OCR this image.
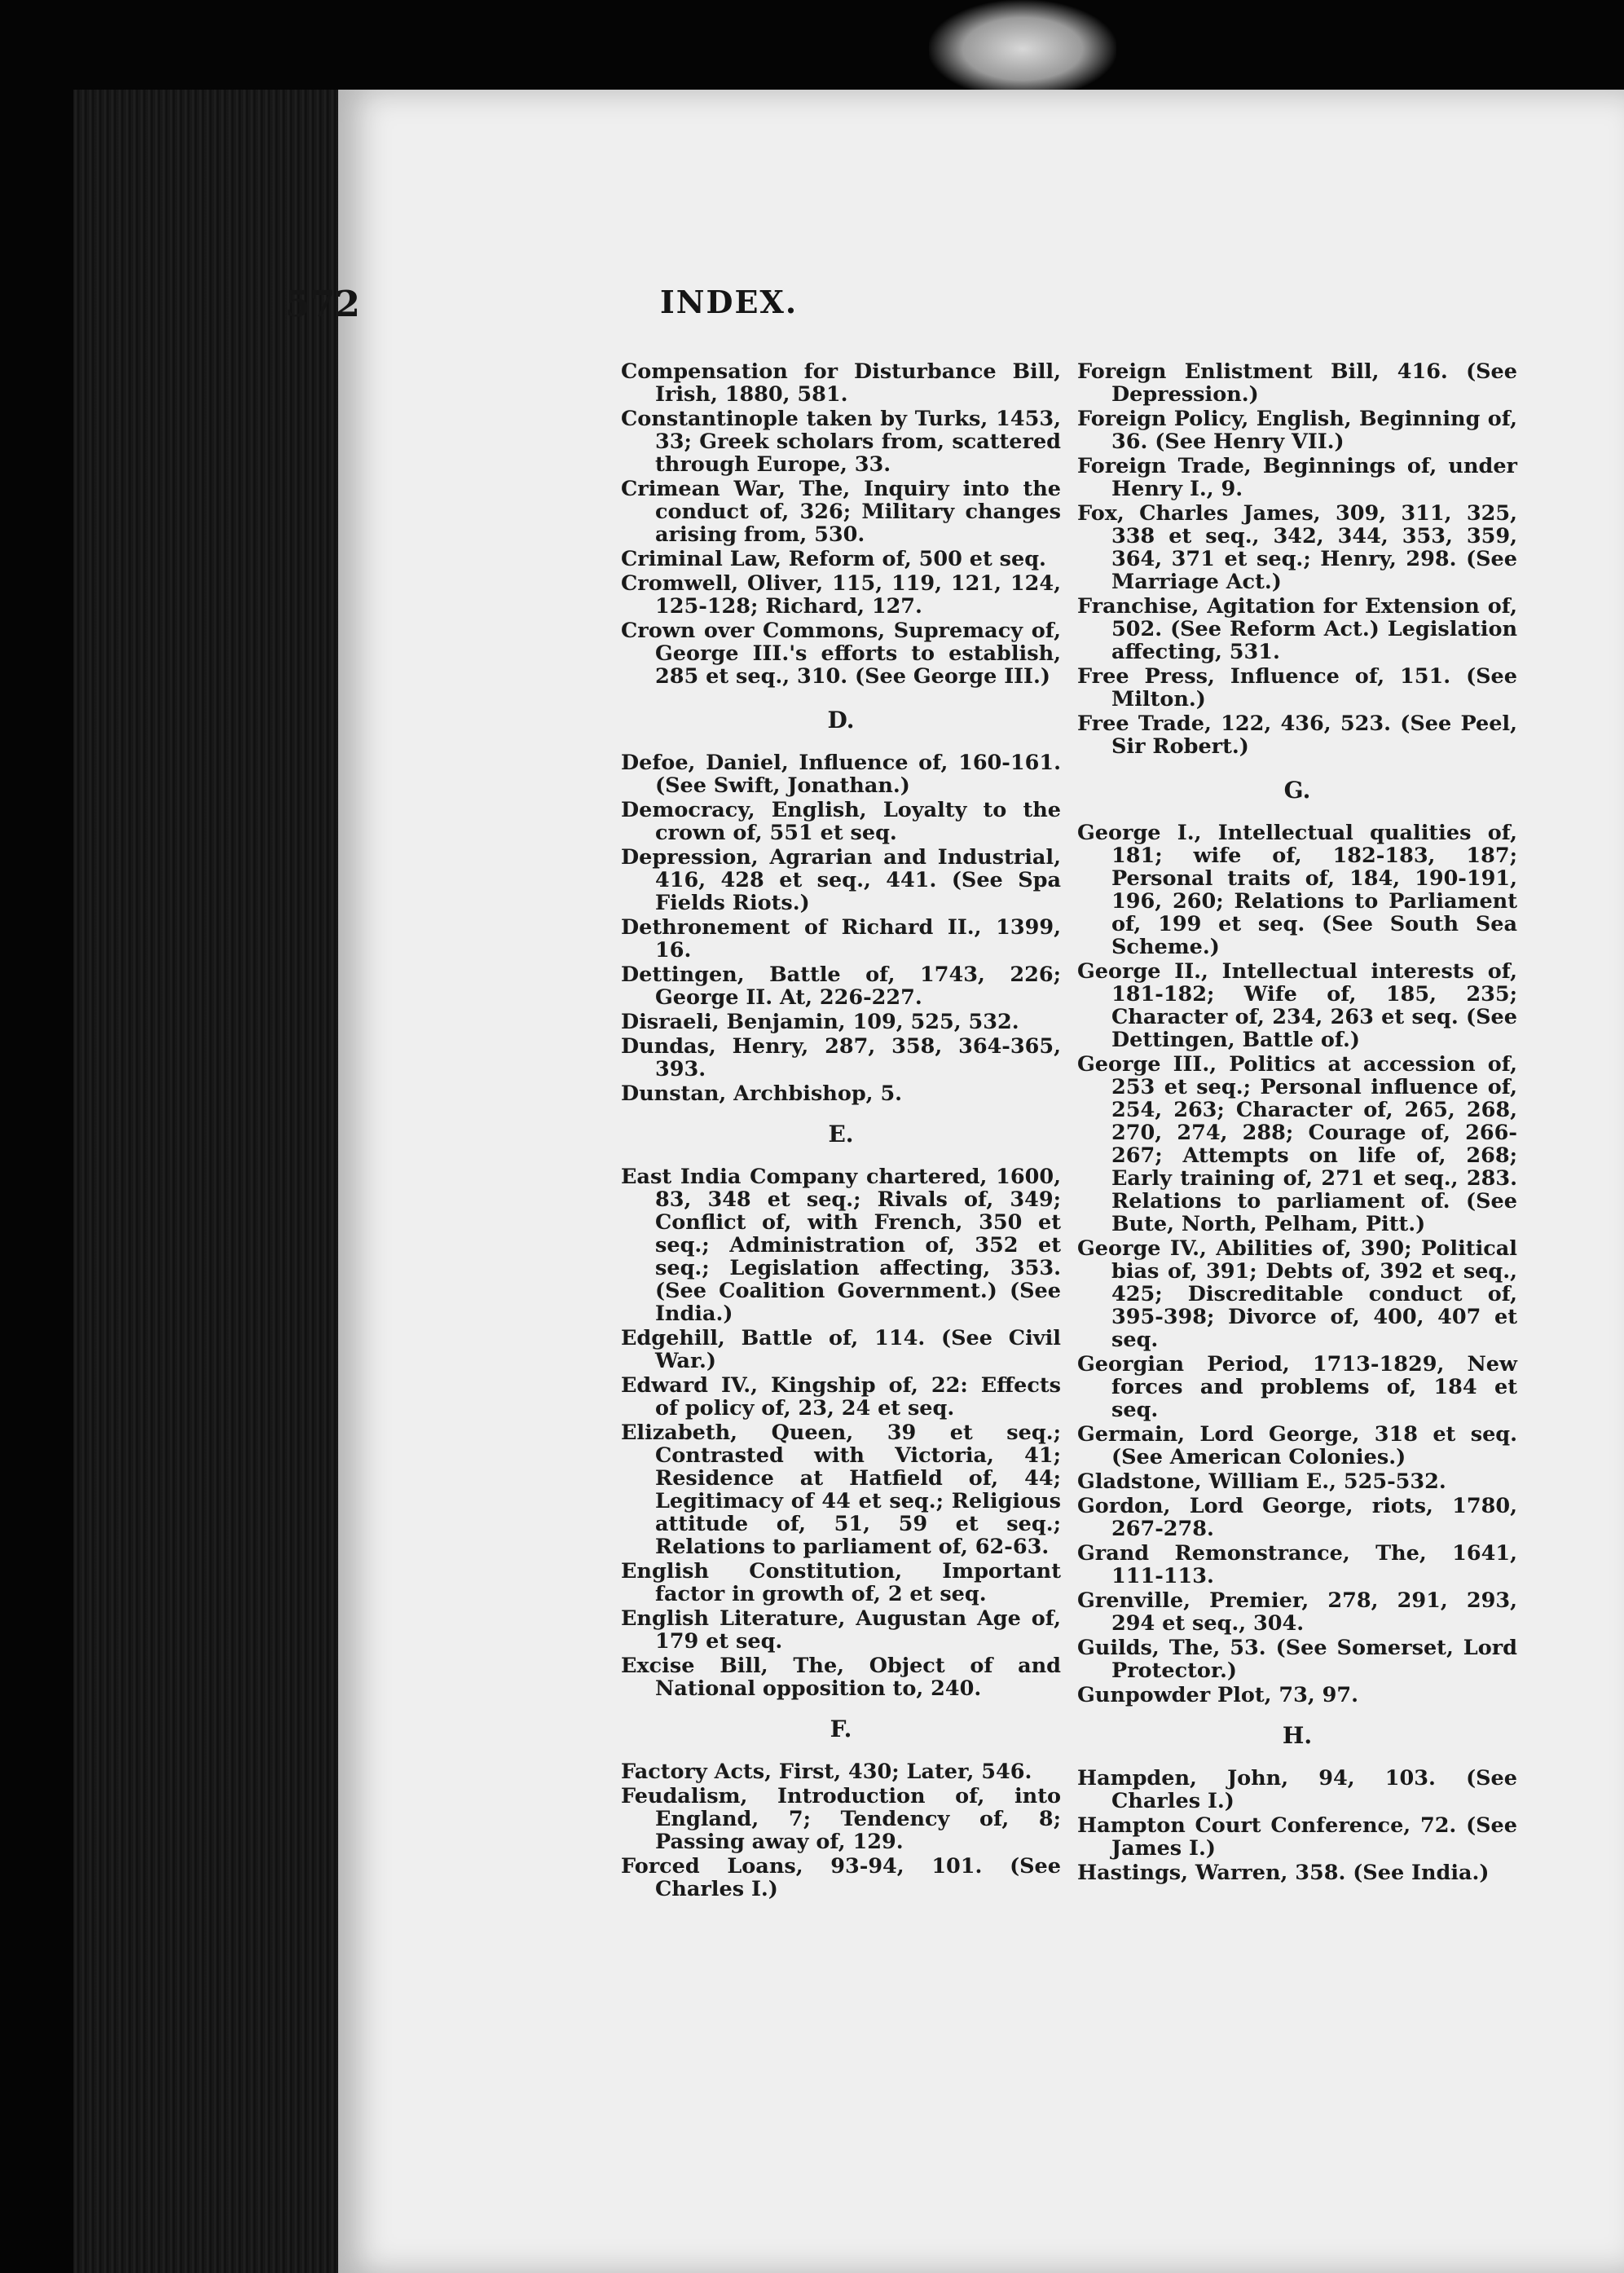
572	INDEX.
Compensation for Disturbance Bill, Irish, 1880, 581.
Constantinople taken by Turks, 1453, 33; Greek scholars from, scattered through Europe, 33.
Crimean War, The, Inquiry into the conduct of, 326; Military changes arising from, 530.
Criminal Law, Reform of, 500 et seq.
Cromwell, Oliver, 115, 119, 121, 124, 125-128; Richard, 127.
Crown over Commons, Supremacy of, George III.'s efforts to establish, 285 et seq., 310. (See George III.)
D.
Defoe, Daniel, Influence of, 160-161. (See Swift, Jonathan.)
Democracy, English, Loyalty to the crown of, 551 et seq.
Depression, Agrarian and Industrial, 416, 428 et seq., 441. (See Spa Fields Riots.)
Dethronement of Richard II., 1399, 16.
Dettingen, Battle of, 1743, 226; George II. At, 226-227.
Disraeli, Benjamin, 109, 525, 532.
Dundas, Henry, 287, 358, 364-365, 393.
Dunstan, Archbishop, 5.
E.
East India Company chartered, 1600, 83, 348 et seq.; Rivals of, 349; Conflict of, with French, 350 et seq.; Administration of, 352 et seq.; Legislation affecting, 353. (See Coalition Government.) (See India.)
Edgehill, Battle of, 114. (See Civil War.)
Edward IV., Kingship of, 22: Effects of policy of, 23, 24 et seq.
Elizabeth, Queen, 39 et seq.; Contrasted with Victoria, 41; Residence at Hatfield of, 44; Legitimacy of 44 et seq.; Religious attitude of, 51, 59 et seq.; Relations to parliament of, 62-63.
English Constitution, Important factor in growth of, 2 et seq.
English Literature, Augustan Age of, 179 et seq.
Excise Bill, The, Object of and National opposition to, 240.
F.
Factory Acts, First, 430; Later, 546.
Feudalism, Introduction of, into England, 7; Tendency of, 8; Passing away of, 129.
Forced Loans, 93-94, 101. (See Charles I.)
Foreign Enlistment Bill, 416. (See Depression.)
Foreign Policy, English, Beginning of, 36. (See Henry VII.)
Foreign Trade, Beginnings of, under Henry I., 9.
Fox, Charles James, 309, 311, 325, 338 et seq., 342, 344, 353, 359, 364, 371 et seq.; Henry, 298. (See Marriage Act.)
Franchise, Agitation for Extension of, 502. (See Reform Act.) Legislation affecting, 531.
Free Press, Influence of, 151. (See Milton.)
Free Trade, 122, 436, 523. (See Peel, Sir Robert.)
G.
George I., Intellectual qualities of, 181; wife of, 182-183, 187; Personal traits of, 184, 190-191, 196, 260; Relations to Parliament of, 199 et seq. (See South Sea Scheme.)
George II., Intellectual interests of, 181-182; Wife of, 185, 235; Character of, 234, 263 et seq. (See Dettingen, Battle of.)
George III., Politics at accession of, 253 et seq.; Personal influence of, 254, 263; Character of, 265, 268, 270, 274, 288; Courage of, 266-267; Attempts on life of, 268; Early training of, 271 et seq., 283. Relations to parliament of. (See Bute, North, Pelham, Pitt.)
George IV., Abilities of, 390; Political bias of, 391; Debts of, 392 et seq., 425; Discreditable conduct of, 395-398; Divorce of, 400, 407 et seq.
Georgian Period, 1713-1829, New forces and problems of, 184 et seq.
Germain, Lord George, 318 et seq. (See American Colonies.)
Gladstone, William E., 525-532.
Gordon, Lord George, riots, 1780, 267-278.
Grand Remonstrance, The, 1641, 111-113.
Grenville, Premier, 278, 291, 293, 294 et seq., 304.
Guilds, The, 53. (See Somerset, Lord Protector.)
Gunpowder Plot, 73, 97.
H.
Hampden, John, 94, 103. (See Charles I.)
Hampton Court Conference, 72. (See James I.)
Hastings, Warren, 358. (See India.)
